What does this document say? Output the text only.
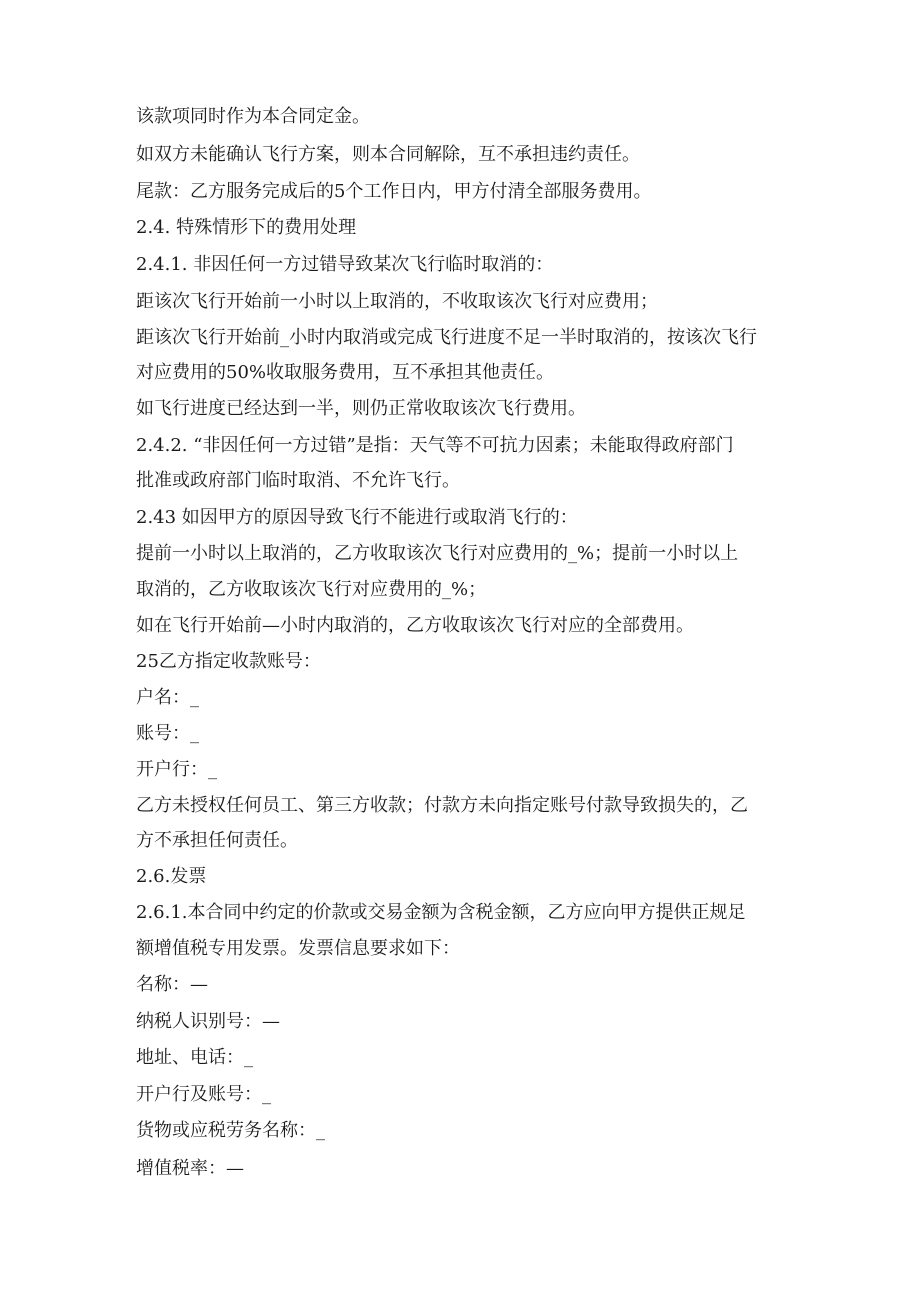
该款项同时作为本合同定金。
如双方未能确认飞行方案，则本合同解除，互不承担违约责任。
尾款：乙方服务完成后的5个工作日内，甲方付清全部服务费用。
2.4. 特殊情形下的费用处理
2.4.1. 非因任何一方过错导致某次飞行临时取消的：
距该次飞行开始前一小时以上取消的，不收取该次飞行对应费用；
距该次飞行开始前_小时内取消或完成飞行进度不足一半时取消的，按该次飞行
对应费用的50%收取服务费用，互不承担其他责任。
如飞行进度已经达到一半，则仍正常收取该次飞行费用。
2.4.2. “非因任何一方过错”是指：天气等不可抗力因素；未能取得政府部门
批准或政府部门临时取消、不允许飞行。
2.43 如因甲方的原因导致飞行不能进行或取消飞行的：
提前一小时以上取消的，乙方收取该次飞行对应费用的_%；提前一小时以上
取消的，乙方收取该次飞行对应费用的_%；
如在飞行开始前—小时内取消的，乙方收取该次飞行对应的全部费用。
25乙方指定收款账号：
户名：_
账号：_
开户行：_
乙方未授权任何员工、第三方收款；付款方未向指定账号付款导致损失的，乙
方不承担任何责任。
2.6.发票
2.6.1.本合同中约定的价款或交易金额为含税金额，乙方应向甲方提供正规足
额增值税专用发票。发票信息要求如下：
名称：—
纳税人识别号：—
地址、电话：_
开户行及账号：_
货物或应税劳务名称：_
增值税率：—
